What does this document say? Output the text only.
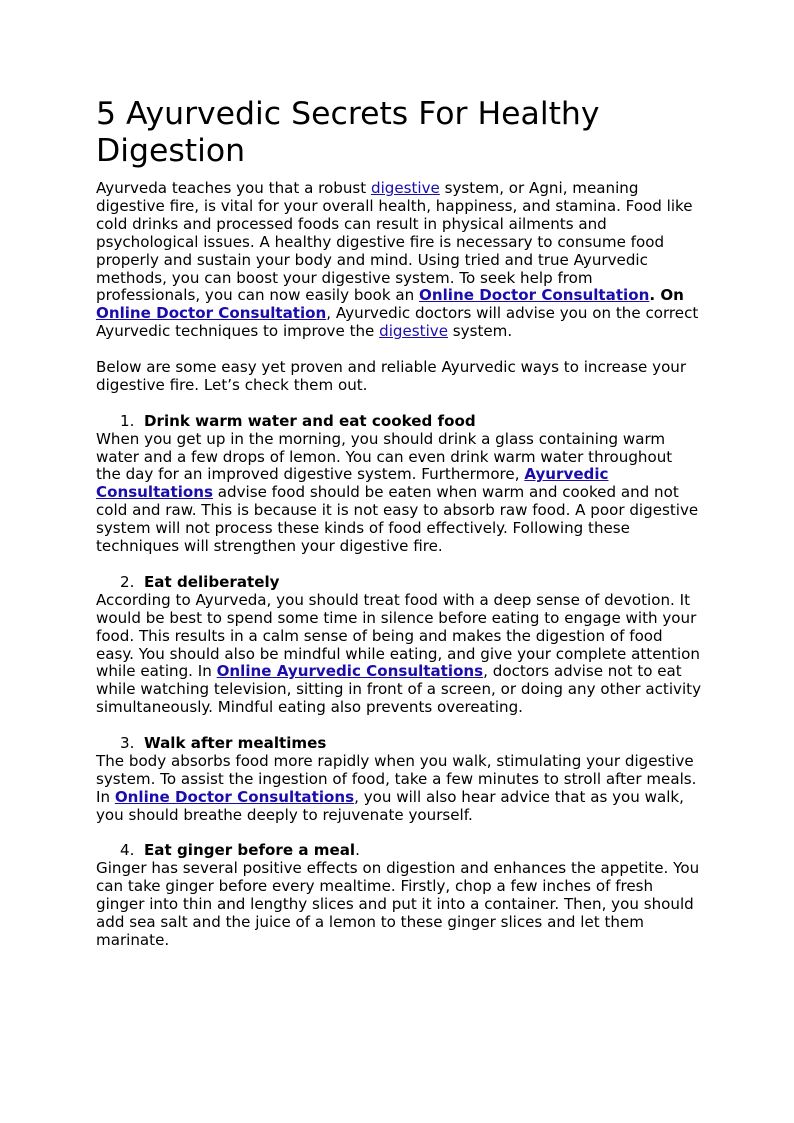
5 Ayurvedic Secrets For Healthy Digestion

Ayurveda teaches you that a robust digestive system, or Agni, meaning digestive fire, is vital for your overall health, happiness, and stamina. Food like cold drinks and processed foods can result in physical ailments and psychological issues. A healthy digestive fire is necessary to consume food properly and sustain your body and mind. Using tried and true Ayurvedic methods, you can boost your digestive system. To seek help from professionals, you can now easily book an Online Doctor Consultation. On Online Doctor Consultation, Ayurvedic doctors will advise you on the correct Ayurvedic techniques to improve the digestive system.

Below are some easy yet proven and reliable Ayurvedic ways to increase your digestive fire. Let’s check them out.

1. Drink warm water and eat cooked food

When you get up in the morning, you should drink a glass containing warm water and a few drops of lemon. You can even drink warm water throughout the day for an improved digestive system. Furthermore, Ayurvedic Consultations advise food should be eaten when warm and cooked and not cold and raw. This is because it is not easy to absorb raw food. A poor digestive system will not process these kinds of food effectively. Following these techniques will strengthen your digestive fire.

2. Eat deliberately

According to Ayurveda, you should treat food with a deep sense of devotion. It would be best to spend some time in silence before eating to engage with your food. This results in a calm sense of being and makes the digestion of food easy. You should also be mindful while eating, and give your complete attention while eating. In Online Ayurvedic Consultations, doctors advise not to eat while watching television, sitting in front of a screen, or doing any other activity simultaneously. Mindful eating also prevents overeating.

3. Walk after mealtimes

The body absorbs food more rapidly when you walk, stimulating your digestive system. To assist the ingestion of food, take a few minutes to stroll after meals. In Online Doctor Consultations, you will also hear advice that as you walk, you should breathe deeply to rejuvenate yourself.

4. Eat ginger before a meal.

Ginger has several positive effects on digestion and enhances the appetite. You can take ginger before every mealtime. Firstly, chop a few inches of fresh ginger into thin and lengthy slices and put it into a container. Then, you should add sea salt and the juice of a lemon to these ginger slices and let them marinate.
